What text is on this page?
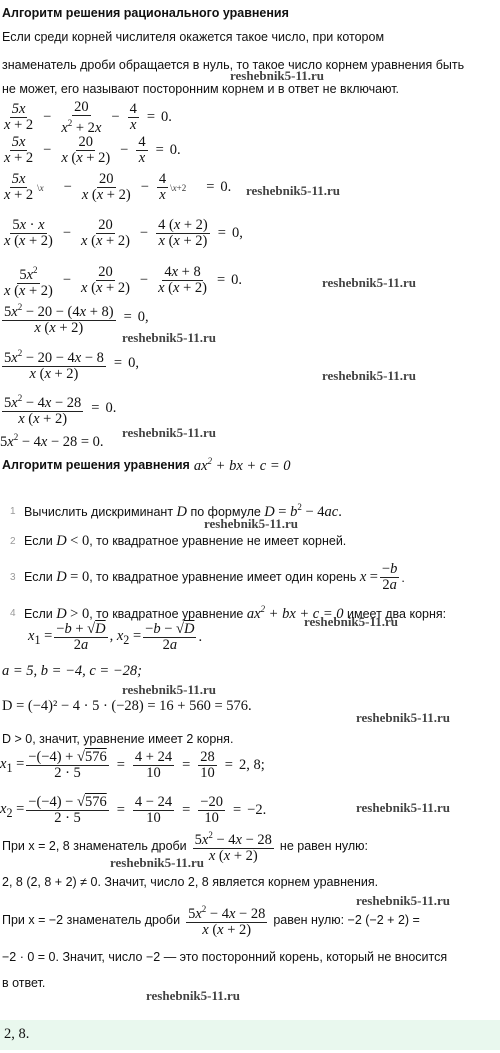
Алгоритм решения рационального уравнения
Если среди корней числителя окажется такое число, при котором
знаменатель дроби обращается в нуль, то такое число корнем уравнения быть
не может, его называют посторонним корнем и в ответ не включают.
reshebnik5-11.ru
reshebnik5-11.ru
reshebnik5-11.ru
reshebnik5-11.ru
reshebnik5-11.ru
reshebnik5-11.ru
reshebnik5-11.ru
reshebnik5-11.ru
reshebnik5-11.ru
reshebnik5-11.ru
reshebnik5-11.ru
reshebnik5-11.ru
reshebnik5-11.ru
reshebnik5-11.ru
5x
$x + 2 - \frac{20}{x^2 + 2x} - \frac{4}{x} = 0$.
5x
$x + 2 - \frac{20}{x (x + 2)} - \frac{4}{x} = 0$.
5x
x + 2 \x − $\frac{20}{x (x + 2)} - \frac{4}{x}$ \x+2 = 0.
5x · x
x $(x + 2) - \frac{20}{x (x + 2)} - \frac{4 (x + 2)}{x (x + 2)} = 0$,
$5x^2$
x (x + 2)
− $\frac{20}{x (x + 2)} - \frac{4x + 8}{x (x + 2)} = 0$.
$\frac{5x^2 - 20 - (4x + 8)}{x (x + 2)} = 0$,
$\frac{5x^2 - 20 - 4x - 8}{x (x + 2)} = 0$,
$\frac{5x^2 - 4x - 28}{x (x + 2)} = 0$.
$5x^2 - 4x - 28 = 0$.
Алгоритм решения уравнения $ax^2$ + bx + c = 0
1 Вычислить дискриминант D по формуле $D = b^2 - 4ac$.
2 Если D < 0, то квадратное уравнение не имеет корней.
3 Если D = 0, то квадратное уравнение имеет один корень $x = \frac{-b}{2a}$ .
4 Если D > 0, то квадратное уравнение $ax^2$ + bx + c = 0 имеет два корня:
$x_1 = \frac{-b + √D}{2a}$ , $x_2 = \frac{-b - √D}{2a}$ .
a = 5, b = −4, c = −28;
D = (−4)² − 4 · 5 · (−28) = 16 + 560 = 576.
D > 0, значит, уравнение имеет 2 корня.
$x_1 = \frac{-(-4) + √576}{2 \cdot 5} = \frac{4 + 24}{10} = \frac{28}{10} = 2$, 8;
$x_2 = \frac{-(-4) - √576}{2 \cdot 5} = \frac{4 - 24}{10} = \frac{-20}{10} = -2$.
При x = 2, 8 знаменатель дроби $5x^2 - 4x - 28$
x (x + 2)
не равен нулю:
2, 8 (2, 8 + 2) ≠ 0. Значит, число 2, 8 является корнем уравнения.
При x = −2 знаменатель дроби $5x^2 - 4x - 28$
x (x + 2)
равен нулю: −2 (−2 + 2) =
−2 · 0 = 0. Значит, число −2 — это посторонний корень, который не вносится
в ответ.
2, 8.
